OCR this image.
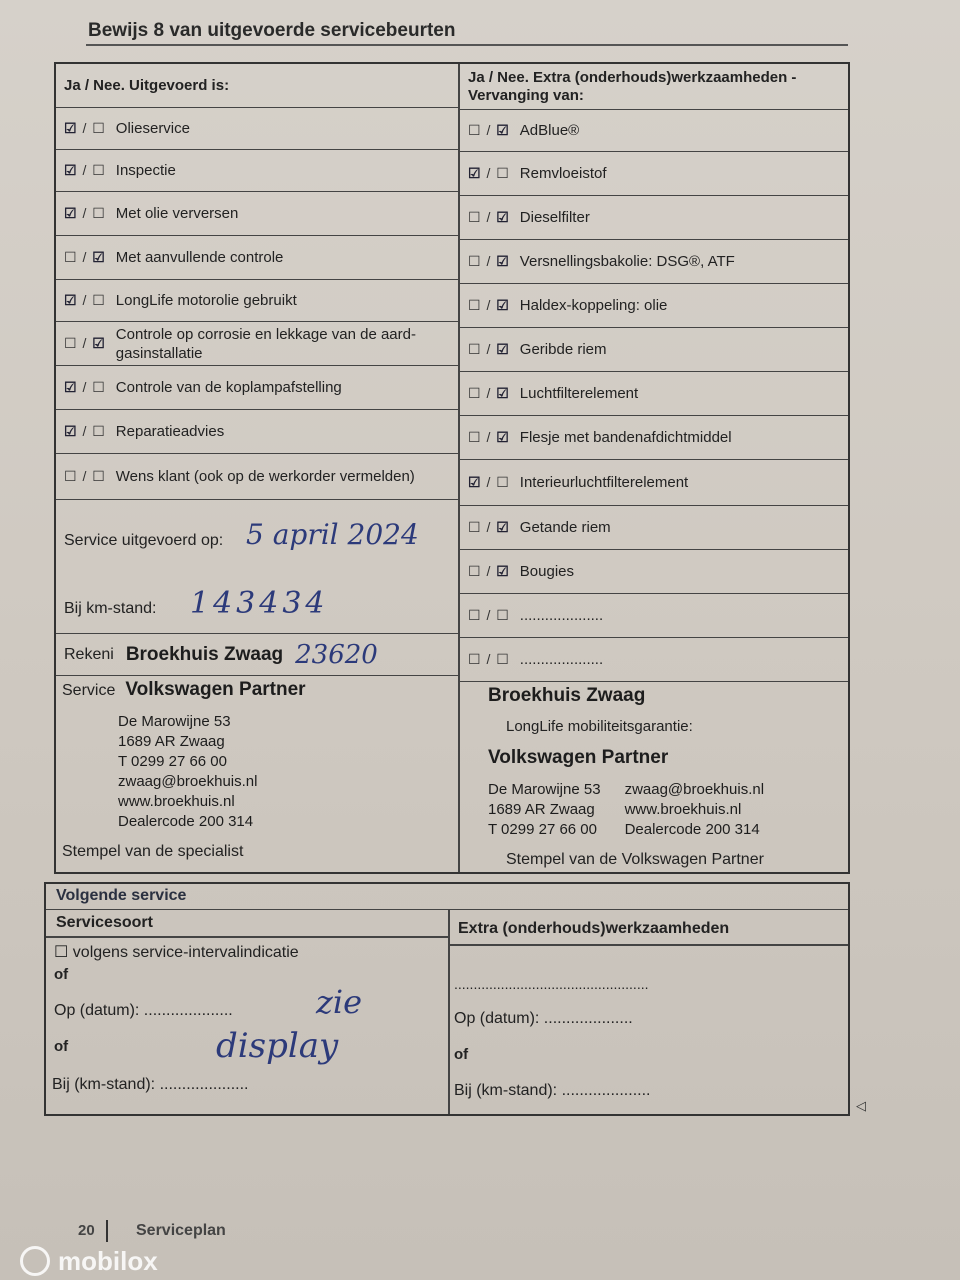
Bewijs 8 van uitgevoerde servicebeurten
Ja / Nee. Uitgevoerd is:
☑ / ☐ Olieservice
☑ / ☐ Inspectie
☑ / ☐ Met olie verversen
☐ / ☑ Met aanvullende controle
☑ / ☐ LongLife motorolie gebruikt
☐ / ☑
Controle op corrosie en lekkage van de aard-gasinstallatie
☑ / ☐ Controle van de koplampafstelling
☑ / ☐ Reparatieadvies
☐ / ☐ Wens klant (ook op de werkorder vermelden)
Service uitgevoerd op: 5 april 2024
Bij km-stand: 143434
Rekeni Broekhuis Zwaag 23620
Service Volkswagen Partner
De Marowijne 53
1689 AR Zwaag
T 0299 27 66 00
zwaag@broekhuis.nl
www.broekhuis.nl
Dealercode 200 314
Stempel van de specialist
Ja / Nee. Extra (onderhouds)werkzaamheden - Vervanging van:
☐ / ☑ AdBlue®
☑ / ☐ Remvloeistof
☐ / ☑ Dieselfilter
☐ / ☑ Versnellingsbakolie: DSG®, ATF
☐ / ☑ Haldex-koppeling: olie
☐ / ☑ Geribde riem
☐ / ☑ Luchtfilterelement
☐ / ☑ Flesje met bandenafdichtmiddel
☑ / ☐ Interieurluchtfilterelement
☐ / ☑ Getande riem
☐ / ☑ Bougies
☐ / ☐ ....................
☐ / ☐ ....................
Broekhuis Zwaag
LongLife mobiliteitsgarantie:
Volkswagen Partner
De Marowijne 53
1689 AR Zwaag
T 0299 27 66 00
zwaag@broekhuis.nl
www.broekhuis.nl
Dealercode 200 314
Stempel van de Volkswagen Partner
Volgende service
Servicesoort	Extra (onderhouds)werkzaamheden
☐ volgens service-intervalindicatie
of
Op (datum): ....................
of
Bij (km-stand): ....................
zie
display
..................................................
Op (datum): ....................
of
Bij (km-stand): ....................
◁
20	Serviceplan
mobilox
